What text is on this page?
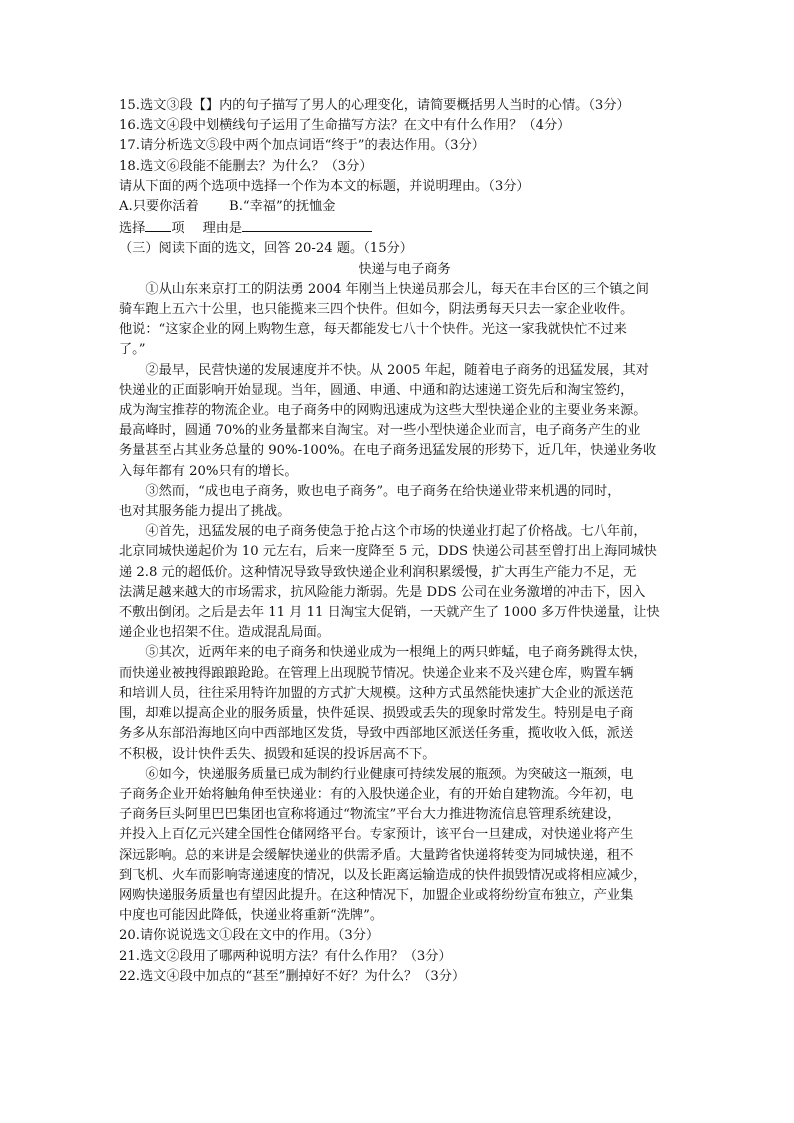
15.选文③段【】内的句子描写了男人的心理变化，请简要概括男人当时的心情。（3分）
16.选文④段中划横线句子运用了生命描写方法？在文中有什么作用？（4分）
17.请分析选文⑤段中两个加点词语“终于”的表达作用。（3分）
18.选文⑥段能不能删去？为什么？（3分）
请从下面的两个选项中选择一个作为本文的标题，并说明理由。（3分）
A.只要你活着 B.“幸福”的抚恤金
选择 项 理由是
（三）阅读下面的选文，回答 20-24 题。（15分）
快递与电子商务
①从山东来京打工的阴法勇 2004 年刚当上快递员那会儿，每天在丰台区的三个镇之间
骑车跑上五六十公里，也只能揽来三四个快件。但如今，阴法勇每天只去一家企业收件。
他说：“这家企业的网上购物生意，每天都能发七八十个快件。光这一家我就快忙不过来
了。”
②最早，民营快递的发展速度并不快。从 2005 年起，随着电子商务的迅猛发展，其对
快递业的正面影响开始显现。当年，圆通、申通、中通和韵达速递工资先后和淘宝签约，
成为淘宝推荐的物流企业。电子商务中的网购迅速成为这些大型快递企业的主要业务来源。
最高峰时，圆通 70%的业务量都来自淘宝。对一些小型快递企业而言，电子商务产生的业
务量甚至占其业务总量的 90%-100%。在电子商务迅猛发展的形势下，近几年，快递业务收
入每年都有 20%只有的增长。
③然而，“成也电子商务，败也电子商务”。电子商务在给快递业带来机遇的同时，
也对其服务能力提出了挑战。
④首先，迅猛发展的电子商务使急于抢占这个市场的快递业打起了价格战。七八年前，
北京同城快递起价为 10 元左右，后来一度降至 5 元，DDS 快递公司甚至曾打出上海同城快
递 2.8 元的超低价。这种情况导致导致快递企业利润积累缓慢，扩大再生产能力不足，无
法满足越来越大的市场需求，抗风险能力渐弱。先是 DDS 公司在业务激增的冲击下，因入
不敷出倒闭。之后是去年 11 月 11 日淘宝大促销，一天就产生了 1000 多万件快递量，让快
递企业也招架不住。造成混乱局面。
⑤其次，近两年来的电子商务和快递业成为一根绳上的两只蚱蜢，电子商务跳得太快，
而快递业被拽得踉踉跄跄。在管理上出现脱节情况。快递企业来不及兴建仓库，购置车辆
和培训人员，往往采用特许加盟的方式扩大规模。这种方式虽然能快速扩大企业的派送范
围，却难以提高企业的服务质量，快件延误、损毁或丢失的现象时常发生。特别是电子商
务多从东部沿海地区向中西部地区发货，导致中西部地区派送任务重，揽收收入低，派送
不积极，设计快件丢失、损毁和延误的投诉居高不下。
⑥如今，快递服务质量已成为制约行业健康可持续发展的瓶颈。为突破这一瓶颈，电
子商务企业开始将触角伸至快递业：有的入股快递企业，有的开始自建物流。今年初，电
子商务巨头阿里巴巴集团也宣称将通过“物流宝”平台大力推进物流信息管理系统建设，
并投入上百亿元兴建全国性仓储网络平台。专家预计，该平台一旦建成，对快递业将产生
深远影响。总的来讲是会缓解快递业的供需矛盾。大量跨省快递将转变为同城快递，租不
到飞机、火车而影响寄递速度的情况，以及长距离运输造成的快件损毁情况或将相应减少，
网购快递服务质量也有望因此提升。在这种情况下，加盟企业或将纷纷宣布独立，产业集
中度也可能因此降低，快递业将重新“洗牌”。
20.请你说说选文①段在文中的作用。（3分）
21.选文②段用了哪两种说明方法？有什么作用？（3分）
22.选文④段中加点的“甚至”删掉好不好？为什么？（3分）
